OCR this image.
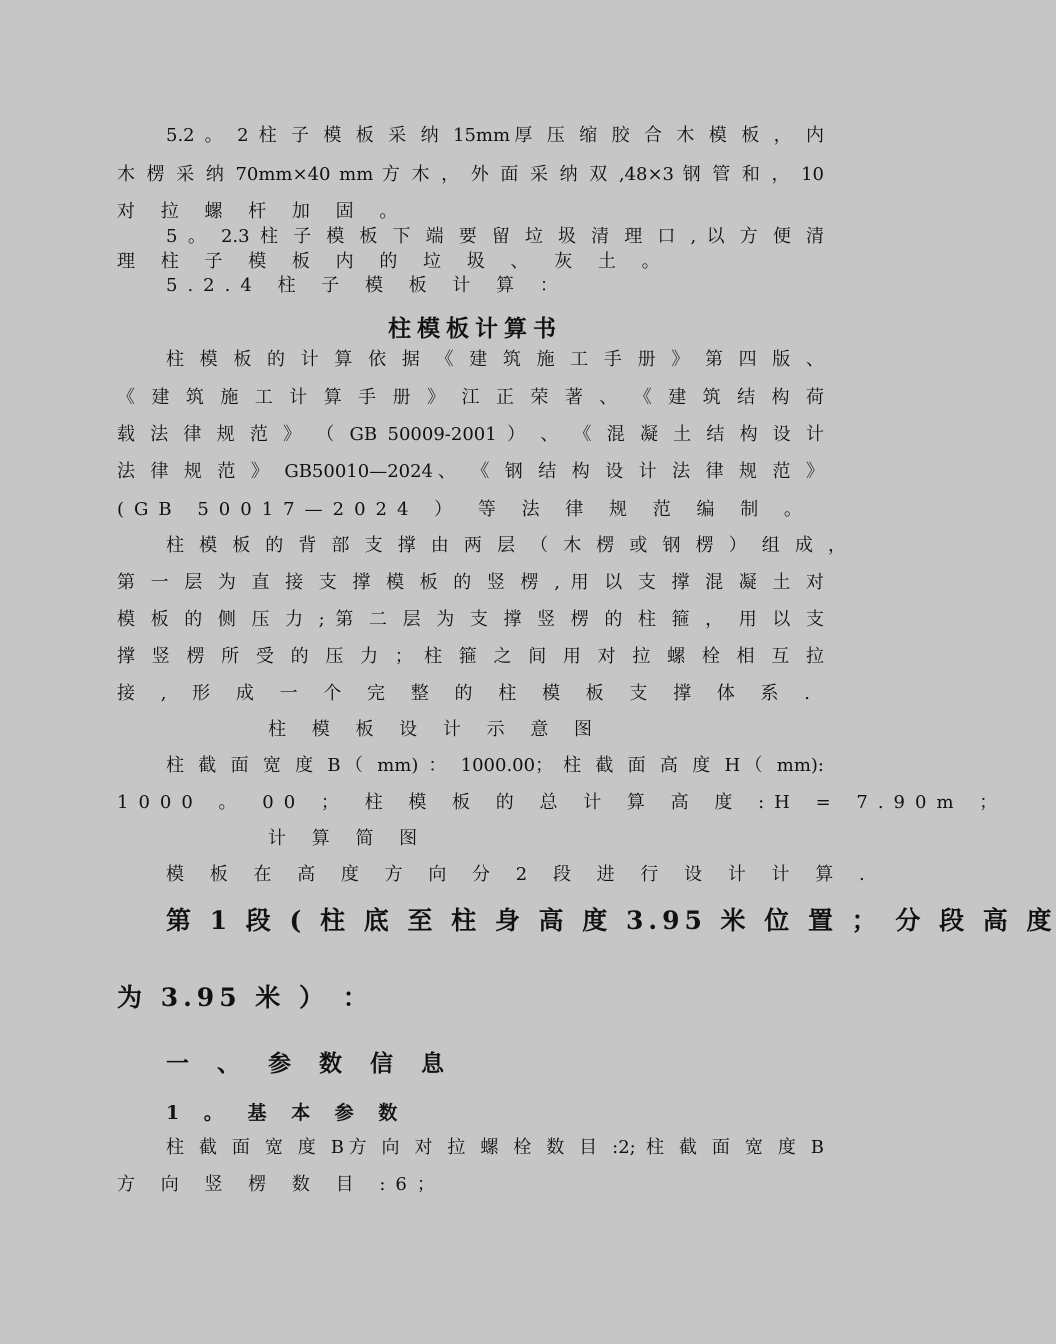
5.2 。 2 柱 子 模 板 采 纳 15mm厚 压 缩 胶 合 木 模 板 ， 内
木 楞 采 纳 70mm×40 mm 方 木 ， 外 面 采 纳 双 ,48×3 钢 管 和 ， 10
对 拉 螺 杆 加 固 。
5 。 2.3 柱 子 模 板 下 端 要 留 垃 圾 清 理 口 , 以 方 便 清
理 柱 子 模 板 内 的 垃 圾 、 灰 土 。
5.2.4 柱 子 模 板 计 算 ：
柱模板计算书
柱 模 板 的 计 算 依 据 《 建 筑 施 工 手 册 》 第 四 版 、
《 建 筑 施 工 计 算 手 册 》 江 正 荣 著 、 《 建 筑 结 构 荷
载 法 律 规 范 》 （ GB 50009-2001 ） 、 《 混 凝 土 结 构 设 计
法 律 规 范 》 GB50010—2024、 《 钢 结 构 设 计 法 律 规 范 》
(GB 50017—2024 ） 等 法 律 规 范 编 制 。
柱 模 板 的 背 部 支 撑 由 两 层 （ 木 楞 或 钢 楞 ） 组 成 ，
第 一 层 为 直 接 支 撑 模 板 的 竖 楞 , 用 以 支 撑 混 凝 土 对
模 板 的 侧 压 力 ; 第 二 层 为 支 撑 竖 楞 的 柱 箍 ， 用 以 支
撑 竖 楞 所 受 的 压 力 ； 柱 箍 之 间 用 对 拉 螺 栓 相 互 拉
接 , 形 成 一 个 完 整 的 柱 模 板 支 撑 体 系 .
柱 模 板 设 计 示 意 图
柱 截 面 宽 度 B（ mm) ： 1000.00； 柱 截 面 高 度 H（ mm):
1000 。 00 ； 柱 模 板 的 总 计 算 高 度 :H = 7.90m ；
计 算 简 图
模 板 在 高 度 方 向 分 2 段 进 行 设 计 计 算 .
第 1 段 ( 柱 底 至 柱 身 高 度 3.95 米 位 置 ； 分 段 高 度
为 3.95 米 ） ：
一 、 参 数 信 息
1 。 基 本 参 数
柱 截 面 宽 度 B方 向 对 拉 螺 栓 数 目 :2; 柱 截 面 宽 度 B
方 向 竖 楞 数 目 :6；
